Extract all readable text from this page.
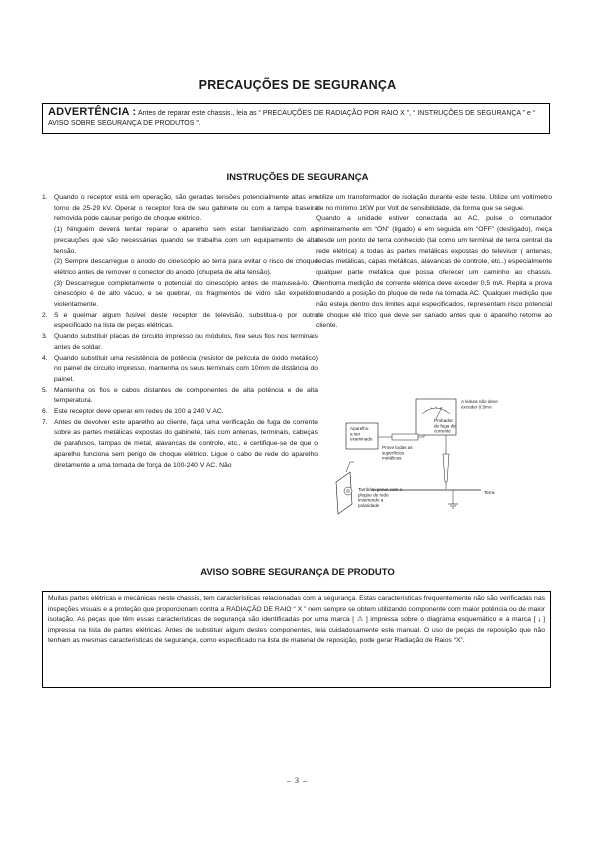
PRECAUÇÕES DE SEGURANÇA
ADVERTÊNCIA : Antes de reparar este chassis., leia as “ PRECAUÇÕES DE RADIAÇÃO POR RAIO X ”, “ INSTRUÇÕES DE SEGURANÇA ” e “ AVISO SOBRE SEGURANÇA DE PRODUTOS ”.
INSTRUÇÕES DE SEGURANÇA
1. Quando o receptor está em operação, são geradas tensões potencialmente altas em torno de 25-29 kV. Operar o receptor fora de seu gabinete ou com a tampa traseira removida pode causar perigo de choque elétrico.
(1) Ninguém deverá tentar reparar o aparelho sem estar familiarizado com as precauções que são necessárias quando se trabalha com um equipamento de alta tensão.
(2) Sempre descarregue o anodo do cinescópio ao terra para evitar o risco de choque elétrico antes de remover o conector do anodo (chupeta de alta tensão).
(3) Descarregue completamente o potencial do cinescópio antes de manuseá-lo. O cinescópio é de alto vácuo, e se quebrar, os fragmentos de vidro são expelidos violentamente.
2. S e queimar algum fusível deste receptor de televisão, substitua-o por outro especificado na lista de peças elétricas.
3. Quando substituir placas de circuito impresso ou módulos, fixe seus fios nos terminais antes de soldar.
4. Quando substituir uma resistência de potência (resistor de película de óxido metálico) no painel de circuito impresso, mantenha os seus terminais com 10mm de distância do painel.
5. Mantenha os fios e cabos distantes de componentes de alta potência e de alta temperatura.
6. Este receptor deve operar em redes de 100 a 240 V AC.
7. Antes de devolver este aparelho ao cliente, faça uma verificação de fuga de corrente sobre as partes metálicas expostas do gabinete, tais com antenas, terminais, cabeças de parafusos, tampas de metal, alavancas de controle, etc., e certifique-se de que o aparelho funciona sem perigo de choque elétrico. Ligue o cabo de rede do aparelho diretamente a uma tomada de força de 100-240 V AC. Não
utilize um transformador de isolação durante este teste. Utilize um voltímetro de no mínimo 1KW por Volt de sensibilidade, da forma que se segue.
Quando a unidade estiver conectada ao AC, pulse o comutador primeiramente em “ON” (ligado) e em seguida em “OFF” (desligado), meça desde um ponto de terra conhecido (tal como um terminal de terra central da rede elétrica) a todas as partes metálicas expostas do televisor ( antenas, teclas metálicas, capas metálicas, alavancas de controle, etc..) especialmente qualquer parte metálica que possa oferecer um caminho ao chassis. Nenhuma medição de corrente elétrica deve exceder 0,5 mA. Repita a prova mudando a posição do pluque de rede na tomada AC. Qualquer medição que não esteja dentro dos limites aqui especificados, representam risco potencial de choque elé trico que deve ser sanado antes que o aparelho retorne ao cliente.
A leitura não deve exceder 0.5mA
Probador de fuga de corrente
Aparelho a ser examinado
Prove todas as superfícies metálicas
Terra
Também prove com o plugue de rede invertendo a polaridade
AVISO SOBRE SEGURANÇA DE PRODUTO
Muitas partes elétricas e mecânicas neste chassis, tem características relacionadas com a segurança. Estas características frequentemente não são verificadas nas inspeções visuais e a proteção que proporcionam contra a RADIAÇÃO DE RAIO “ X ” nem sempre se obtem utilizando componente com maior potência ou de maior isolação. As peças que têm essas características de segurança são identificadas por uma marca [ ⚠ ] impressa sobre o diagrama esquemático e a marca [ ¡ ] impressa na lista de partes elétricas. Antes de substituir algum destes componentes, leia cuidadosamente este manual. O uso de peças de reposição que não tenham as mesmas características de segurança, como especificado na lista de material de reposição, pode gerar Radiação de Raios “X”.
– 3 –
